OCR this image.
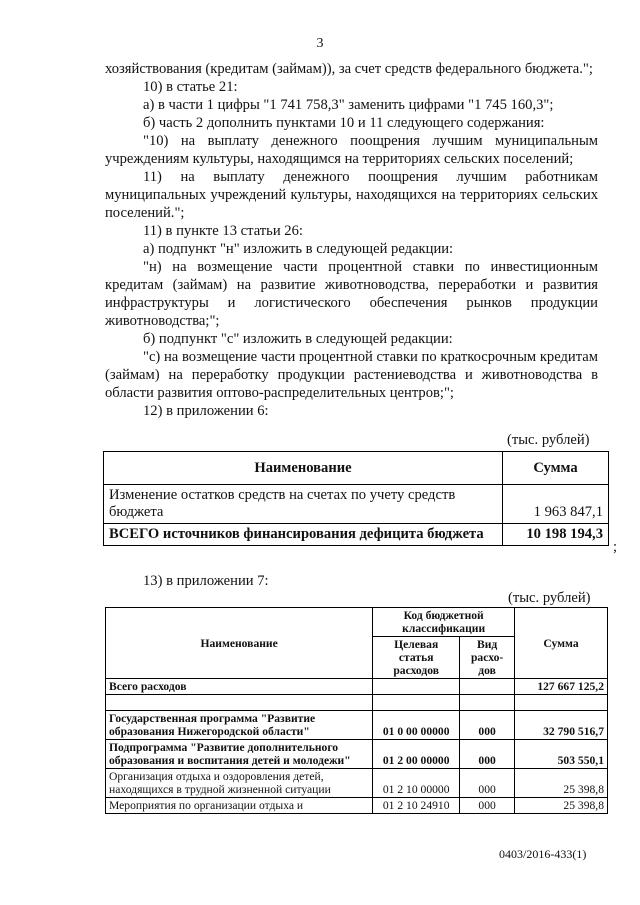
3

хозяйствования (кредитам (займам)), за счет средств федерального бюджета.";

10) в статье 21:

а) в части 1 цифры "1 741 758,3" заменить цифрами "1 745 160,3";

б) часть 2 дополнить пунктами 10 и 11 следующего содержания:

"10) на выплату денежного поощрения лучшим муниципальным учреждениям культуры, находящимся на территориях сельских поселений;

11) на выплату денежного поощрения лучшим работникам муниципальных учреждений культуры, находящихся на территориях сельских поселений.";

11) в пункте 13 статьи 26:

а) подпункт "н" изложить в следующей редакции:

"н) на возмещение части процентной ставки по инвестиционным кредитам (займам) на развитие животноводства, переработки и развития инфраструктуры и логистического обеспечения рынков продукции животноводства;";

б) подпункт "с" изложить в следующей редакции:

"с) на возмещение части процентной ставки по краткосрочным кредитам (займам) на переработку продукции растениеводства и животноводства в области развития оптово-распределительных центров;";

12) в приложении 6:

(тыс. рублей)
Наименование	Сумма
Изменение остатков средств на счетах по учету средств бюджета	1 963 847,1
ВСЕГО источников финансирования дефицита бюджета	10 198 194,3
;
13) в приложении 7:
(тыс. рублей)
Наименование	Код бюджетной классификации		Сумма
	Целевая статья расходов	Вид расхо-дов	
Всего расходов			127 667 125,2

Государственная программа "Развитие образования Нижегородской области"	01 0 00 00000	000	32 790 516,7
Подпрограмма "Развитие дополнительного образования и воспитания детей и молодежи"	01 2 00 00000	000	503 550,1
Организация отдыха и оздоровления детей, находящихся в трудной жизненной ситуации	01 2 10 00000	000	25 398,8
Мероприятия по организации отдыха и	01 2 10 24910	000	25 398,8
0403/2016-433(1)
